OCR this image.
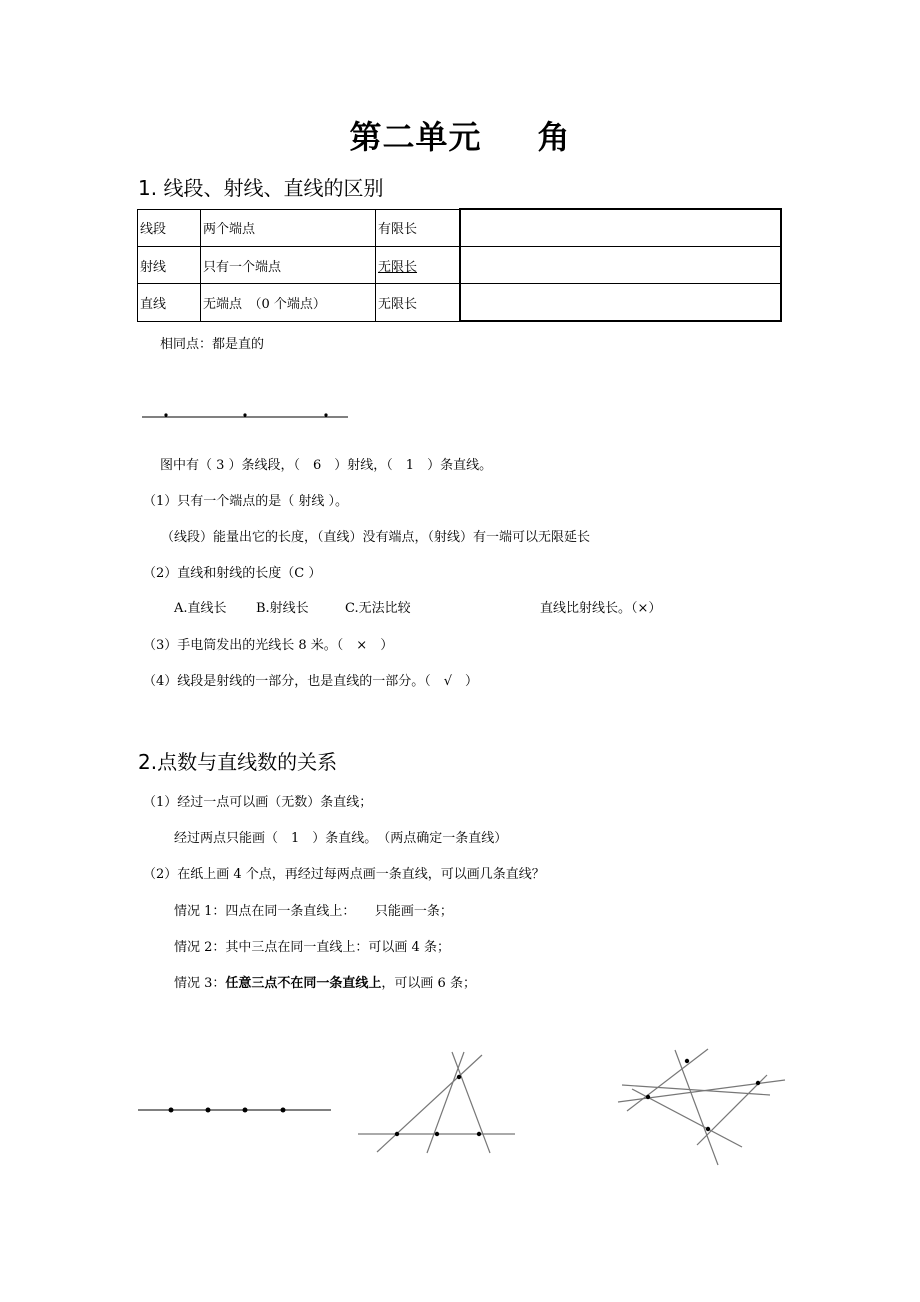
第二单元 角
1. 线段、射线、直线的区别
线段	两个端点	有限长	
射线	只有一个端点	无限长	
直线	无端点　（0 个端点）	无限长	
相同点：都是直的
图中有（ 3 ）条线段，（　6　）射线，（　1　）条直线。
（1）只有一个端点的是（ 射线 ）。
（线段）能量出它的长度，（直线）没有端点，（射线）有一端可以无限延长
（2）直线和射线的长度（C ）
A.直线长 B.射线长	C.无法比较	直线比射线长。（×）
（3）手电筒发出的光线长 8 米。（　×　）
（4）线段是射线的一部分，也是直线的一部分。（　√　）
2.点数与直线数的关系
（1）经过一点可以画（无数）条直线；
经过两点只能画（　1　）条直线。　（两点确定一条直线）
（2）在纸上画 4 个点，再经过每两点画一条直线，可以画几条直线？
情况 1：四点在同一条直线上：　　只能画一条；
情况 2：其中三点在同一直线上：可以画 4 条；
情况 3：任意三点不在同一条直线上，可以画 6 条；
